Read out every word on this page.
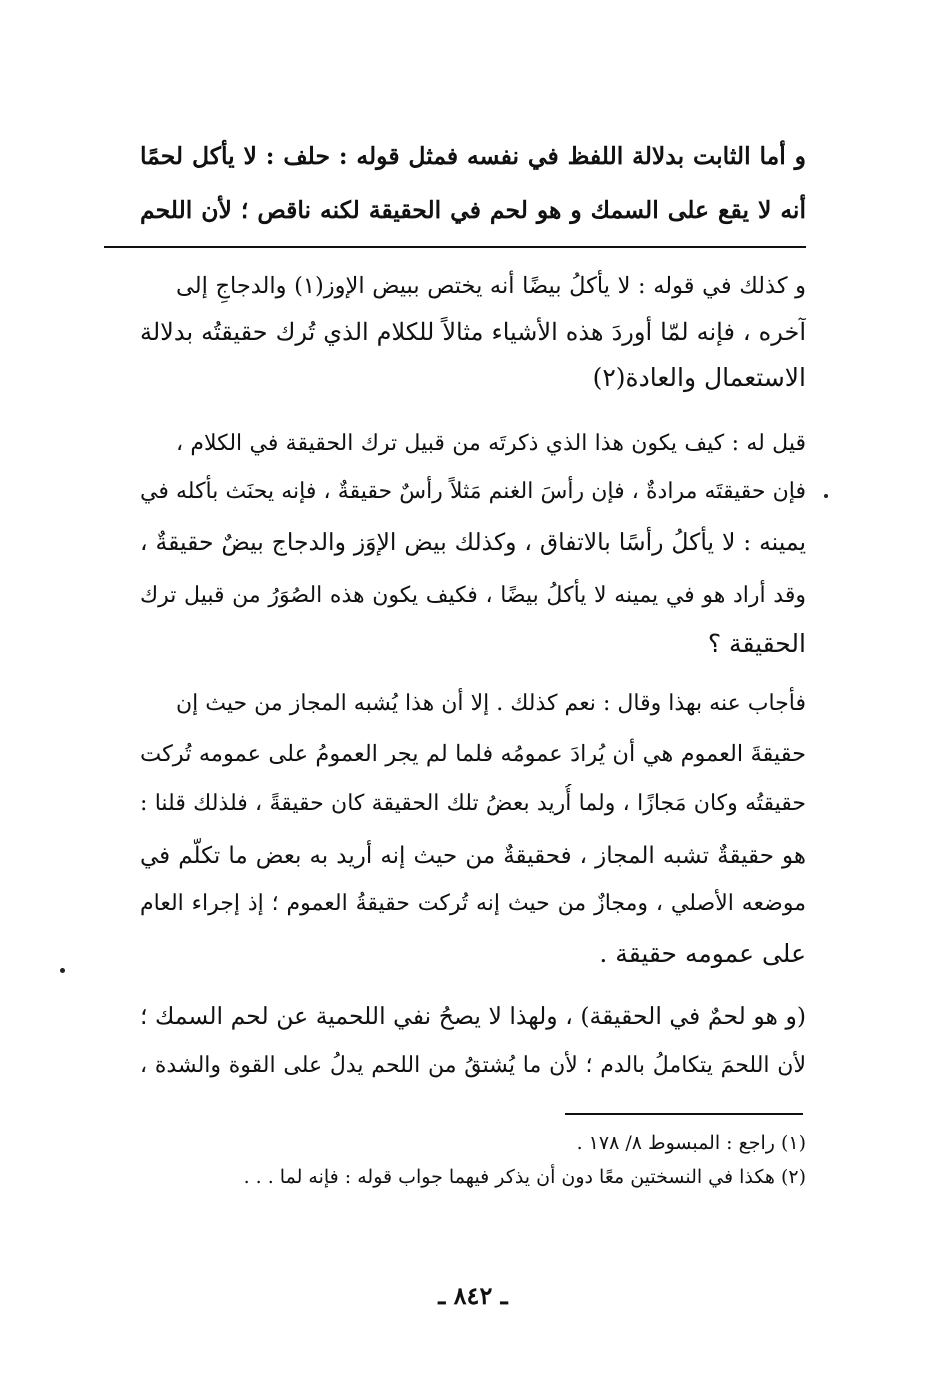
و أما الثابت بدلالة اللفظ في نفسه فمثل قوله : حلف : لا يأكل لحمًا
أنه لا يقع على السمك و هو لحم في الحقيقة لكنه ناقص ؛ لأن اللحم
و كذلك في قوله : لا يأكلُ بيضًا أنه يختص ببيض الإوز(١) والدجاجِ إلى
آخره ، فإنه لمّا أوردَ هذه الأشياء مثالاً للكلام الذي تُرك حقيقتُه بدلالة
الاستعمال والعادة(٢)
قيل له : كيف يكون هذا الذي ذكرتَه من قبيل ترك الحقيقة في الكلام ،
فإن حقيقتَه مرادةٌ ، فإن رأسَ الغنم مَثلاً رأسٌ حقيقةٌ ، فإنه يحنَث بأكله في
يمينه : لا يأكلُ رأسًا بالاتفاق ، وكذلك بيض الإوَز والدجاج بيضٌ حقيقةٌ ،
وقد أراد هو في يمينه لا يأكلُ بيضًا ، فكيف يكون هذه الصُوَرُ من قبيل ترك
الحقيقة ؟
فأجاب عنه بهذا وقال : نعم كذلك . إلا أن هذا يُشبه المجاز من حيث إن
حقيقةَ العموم هي أن يُرادَ عمومُه فلما لم يجر العمومُ على عمومه تُركت
حقيقتُه وكان مَجازًا ، ولما أُريد بعضُ تلك الحقيقة كان حقيقةً ، فلذلك قلنا :
هو حقيقةٌ تشبه المجاز ، فحقيقةٌ من حيث إنه أريد به بعض ما تكلّم في
موضعه الأصلي ، ومجازٌ من حيث إنه تُركت حقيقةُ العموم ؛ إذ إجراء العام
على عمومه حقيقة .
(و هو لحمٌ في الحقيقة) ، ولهذا لا يصحُ نفي اللحمية عن لحم السمك ؛
لأن اللحمَ يتكاملُ بالدم ؛ لأن ما يُشتقُ من اللحم يدلُ على القوة والشدة ،
(١) راجع : المبسوط ٨/ ١٧٨ .
(٢) هكذا في النسختين معًا دون أن يذكر فيهما جواب قوله : فإنه لما . . .
ـ ٨٤٢ ـ
